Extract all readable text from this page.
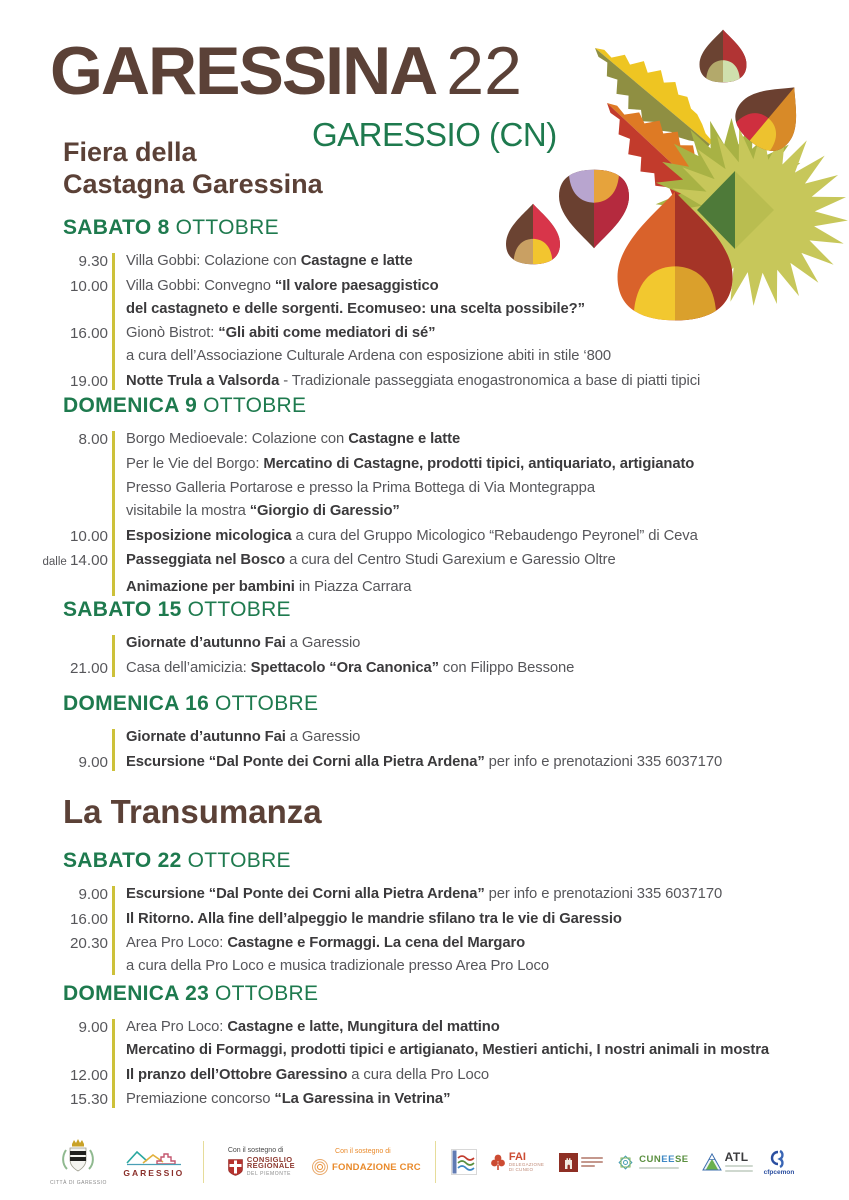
GARESSINA 22
GARESSIO (CN)
Fiera della
Castagna Garessina
SABATO 8 OTTOBRE
9.30 Villa Gobbi: Colazione con Castagne e latte
10.00 Villa Gobbi: Convegno “Il valore paesaggistico
del castagneto e delle sorgenti. Ecomuseo: una scelta possibile?”
16.00 Gionò Bistrot: “Gli abiti come mediatori di sé”
a cura dell’Associazione Culturale Ardena con esposizione abiti in stile ‘800
19.00 Notte Trula a Valsorda - Tradizionale passeggiata enogastronomica a base di piatti tipici
DOMENICA 9 OTTOBRE
8.00 Borgo Medioevale: Colazione con Castagne e latte
Per le Vie del Borgo: Mercatino di Castagne, prodotti tipici, antiquariato, artigianato
Presso Galleria Portarose e presso la Prima Bottega di Via Montegrappa
visitabile la mostra “Giorgio di Garessio”
10.00 Esposizione micologica a cura del Gruppo Micologico “Rebaudengo Peyronel” di Ceva
dalle 14.00 Passeggiata nel Bosco a cura del Centro Studi Garexium e Garessio Oltre
Animazione per bambini in Piazza Carrara
SABATO 15 OTTOBRE
Giornate d’autunno Fai a Garessio
21.00 Casa dell’amicizia: Spettacolo “Ora Canonica” con Filippo Bessone
DOMENICA 16 OTTOBRE
Giornate d’autunno Fai a Garessio
9.00 Escursione “Dal Ponte dei Corni alla Pietra Ardena” per info e prenotazioni 335 6037170
La Transumanza
SABATO 22 OTTOBRE
9.00 Escursione “Dal Ponte dei Corni alla Pietra Ardena” per info e prenotazioni 335 6037170
16.00 Il Ritorno. Alla fine dell’alpeggio le mandrie sfilano tra le vie di Garessio
20.30 Area Pro Loco: Castagne e Formaggi. La cena del Margaro
a cura della Pro Loco e musica tradizionale presso Area Pro Loco
DOMENICA 23 OTTOBRE
9.00 Area Pro Loco: Castagne e latte, Mungitura del mattino
Mercatino di Formaggi, prodotti tipici e artigianato, Mestieri antichi, I nostri animali in mostra
12.00 Il pranzo dell’Ottobre Garessino a cura della Pro Loco
15.30 Premiazione concorso “La Garessina in Vetrina”
CITTÀ DI GARESSIO
GARESSIO
Con il sostegno di
CONSIGLIO
REGIONALE
DEL PIEMONTE
Con il sostegno di
FONDAZIONE CRC
FAI
DELEGAZIONE
DI CUNEO
CUNEESE	ATL
cfpcemon
